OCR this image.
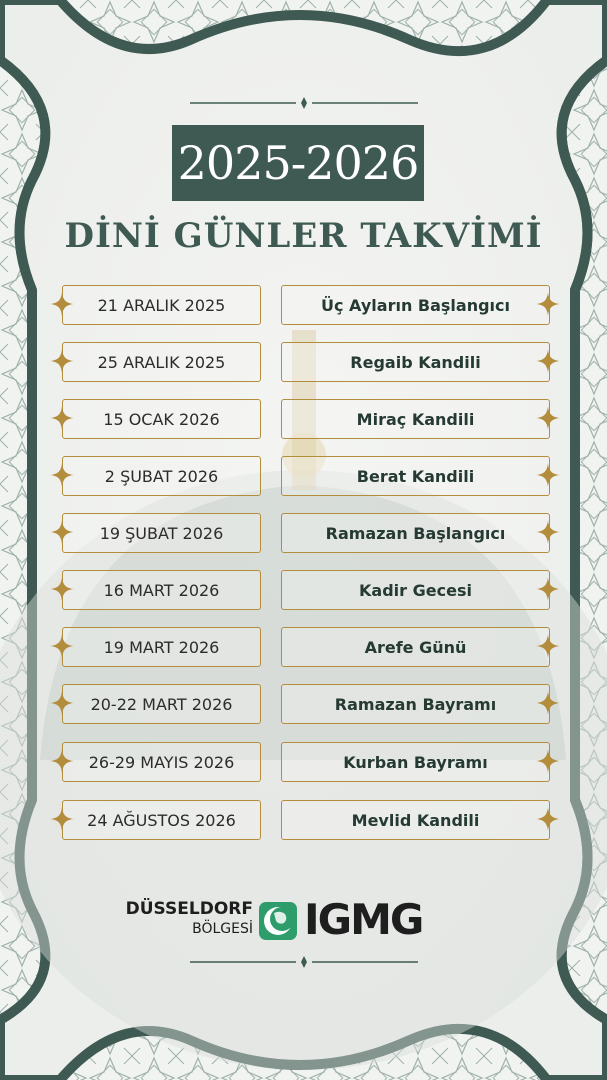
2025-2026
DİNİ GÜNLER TAKVİMİ
21 ARALIK 2025	Üç Ayların Başlangıcı
25 ARALIK 2025	Regaib Kandili
15 OCAK 2026	Miraç Kandili
2 ŞUBAT 2026	Berat Kandili
19 ŞUBAT 2026	Ramazan Başlangıcı
16 MART 2026	Kadir Gecesi
19 MART 2026	Arefe Günü
20-22 MART 2026	Ramazan Bayramı
26-29 MAYIS 2026	Kurban Bayramı
24 AĞUSTOS 2026	Mevlid Kandili
DÜSSELDORF
BÖLGESİ IGMG
